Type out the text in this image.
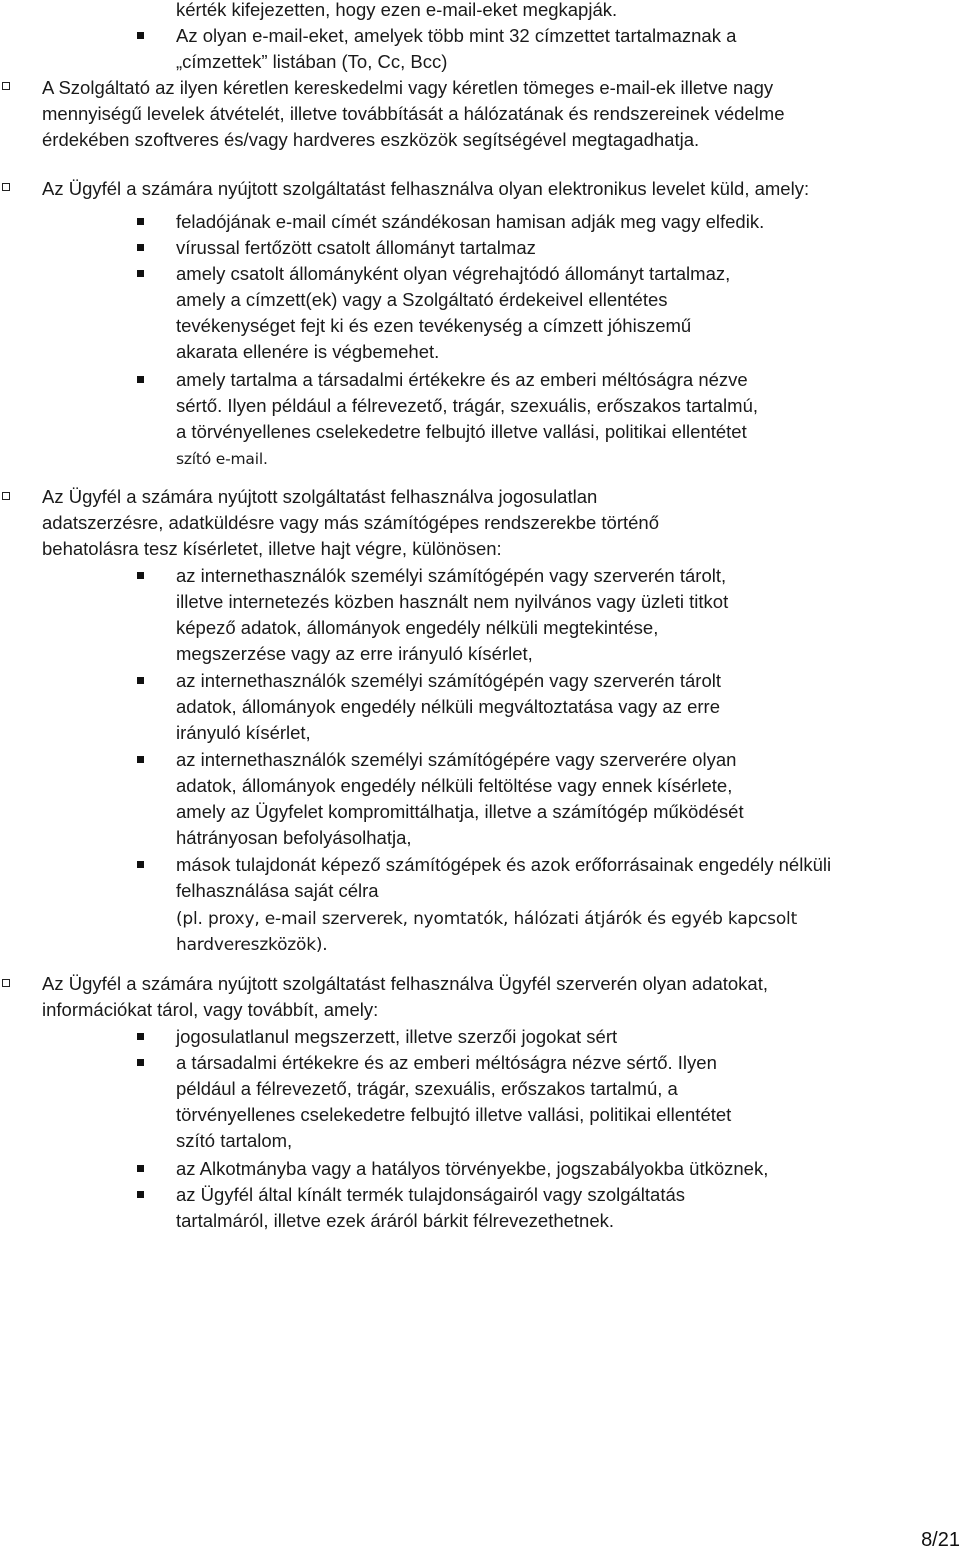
kérték kifejezetten, hogy ezen e-mail-eket megkapják.
Az olyan e-mail-eket, amelyek több mint 32 címzettet tartalmaznak a
„címzettek” listában (To, Cc, Bcc)
A Szolgáltató az ilyen kéretlen kereskedelmi vagy kéretlen tömeges e-mail-ek illetve nagy
mennyiségű levelek átvételét, illetve továbbítását a hálózatának és rendszereinek védelme
érdekében szoftveres és/vagy hardveres eszközök segítségével megtagadhatja.
Az Ügyfél a számára nyújtott szolgáltatást felhasználva olyan elektronikus levelet küld, amely:
feladójának e-mail címét szándékosan hamisan adják meg vagy elfedik.
vírussal fertőzött csatolt állományt tartalmaz
amely csatolt állományként olyan végrehajtódó állományt tartalmaz,
amely a címzett(ek) vagy a Szolgáltató érdekeivel ellentétes
tevékenységet fejt ki és ezen tevékenység a címzett jóhiszemű
akarata ellenére is végbemehet.
amely tartalma a társadalmi értékekre és az emberi méltóságra nézve
sértő. Ilyen például a félrevezető, trágár, szexuális, erőszakos tartalmú,
a törvényellenes cselekedetre felbujtó illetve vallási, politikai ellentétet
szító e-mail.
Az Ügyfél a számára nyújtott szolgáltatást felhasználva jogosulatlan
adatszerzésre, adatküldésre vagy más számítógépes rendszerekbe történő
behatolásra tesz kísérletet, illetve hajt végre, különösen:
az internethasználók személyi számítógépén vagy szerverén tárolt,
illetve internetezés közben használt nem nyilvános vagy üzleti titkot
képező adatok, állományok engedély nélküli megtekintése,
megszerzése vagy az erre irányuló kísérlet,
az internethasználók személyi számítógépén vagy szerverén tárolt
adatok, állományok engedély nélküli megváltoztatása vagy az erre
irányuló kísérlet,
az internethasználók személyi számítógépére vagy szerverére olyan
adatok, állományok engedély nélküli feltöltése vagy ennek kísérlete,
amely az Ügyfelet kompromittálhatja, illetve a számítógép működését
hátrányosan befolyásolhatja,
mások tulajdonát képező számítógépek és azok erőforrásainak engedély nélküli
felhasználása saját célra
(pl. proxy, e-mail szerverek, nyomtatók, hálózati átjárók és egyéb kapcsolt
hardvereszközök).
Az Ügyfél a számára nyújtott szolgáltatást felhasználva Ügyfél szerverén olyan adatokat,
információkat tárol, vagy továbbít, amely:
jogosulatlanul megszerzett, illetve szerzői jogokat sért
a társadalmi értékekre és az emberi méltóságra nézve sértő. Ilyen
például a félrevezető, trágár, szexuális, erőszakos tartalmú, a
törvényellenes cselekedetre felbujtó illetve vallási, politikai ellentétet
szító tartalom,
az Alkotmányba vagy a hatályos törvényekbe, jogszabályokba ütköznek,
az Ügyfél által kínált termék tulajdonságairól vagy szolgáltatás
tartalmáról, illetve ezek áráról bárkit félrevezethetnek.
8/21
